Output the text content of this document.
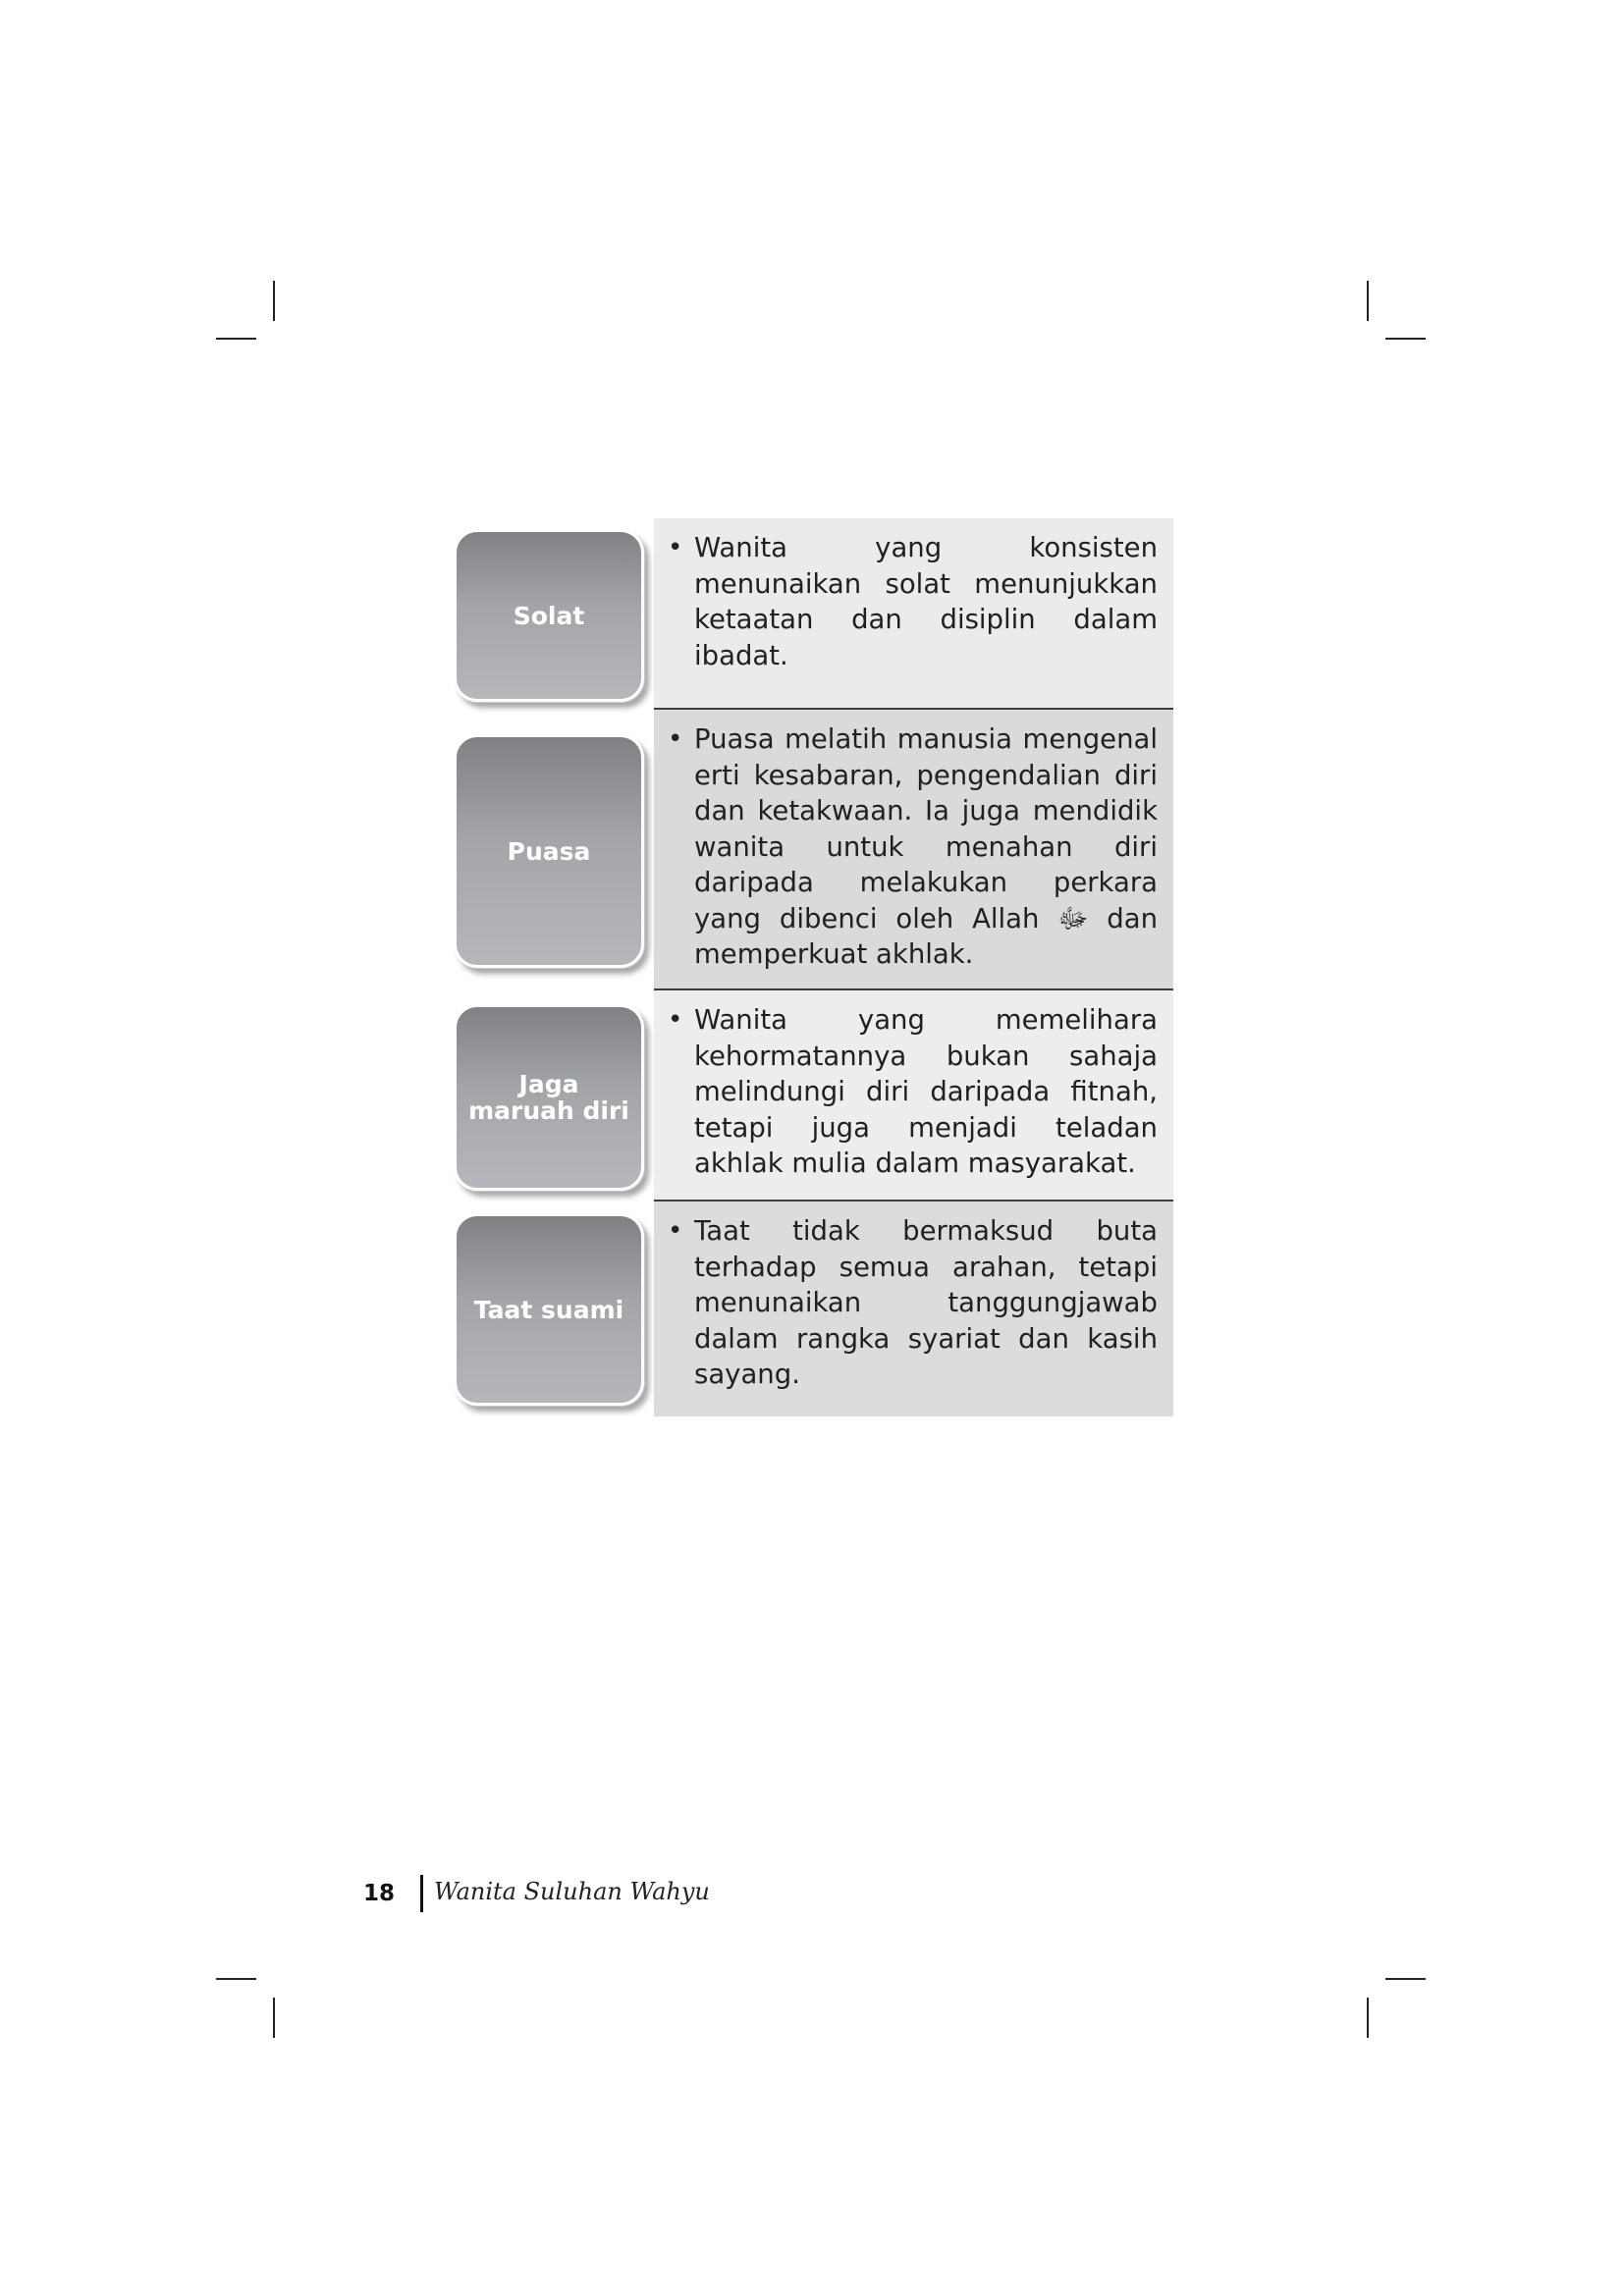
• Wanita yang konsisten menunaikan solat menunjukkan ketaatan dan disiplin dalam ibadat.
Solat
• Puasa melatih manusia mengenal erti kesabaran, pengendalian diri dan ketakwaan. Ia juga mendidik wanita untuk menahan diri daripada melakukan perkara yang dibenci oleh Allah ﷻ dan memperkuat akhlak.
Puasa
• Wanita yang memelihara kehormatannya bukan sahaja melindungi diri daripada fitnah, tetapi juga menjadi teladan akhlak mulia dalam masyarakat.
Jaga maruah diri
• Taat tidak bermaksud buta terhadap semua arahan, tetapi menunaikan tanggungjawab dalam rangka syariat dan kasih sayang.
Taat suami
18 Wanita Suluhan Wahyu
